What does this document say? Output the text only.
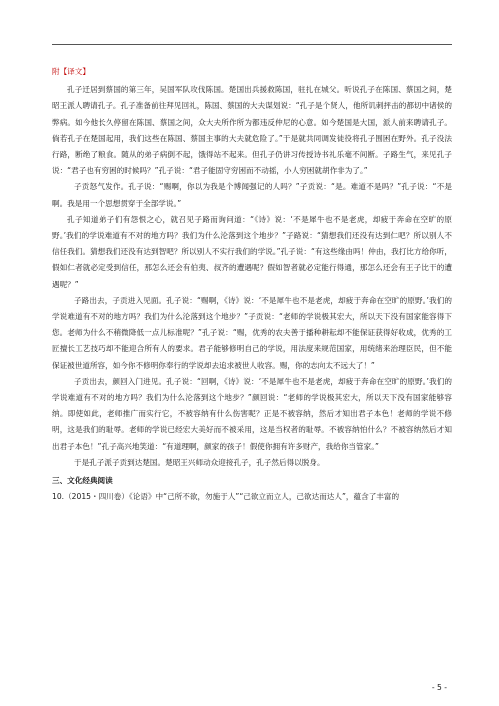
附【译文】

孔子迁居到蔡国的第三年，吴国军队攻伐陈国。楚国出兵援救陈国，驻扎在城父。听说孔子在陈国、蔡国之间，楚昭王派人聘请孔子。孔子准备前往拜见回礼，陈国、蔡国的大夫谋划说：“孔子是个贤人，他所讥刺抨击的都切中诸侯的弊病。如今他长久停留在陈国、蔡国之间，众大夫所作所为都违反仲尼的心意。如今楚国是大国，派人前来聘请孔子。倘若孔子在楚国起用，我们这些在陈国、蔡国主事的大夫就危险了。”于是就共同调发徒役将孔子围困在野外。孔子没法行路，断绝了粮食。随从的弟子病倒不起，饿得站不起来。但孔子仍讲习传授诗书礼乐毫不间断。子路生气，来见孔子说：“君子也有穷困的时候吗？”孔子说：“君子能固守穷困而不动摇，小人穷困就胡作非为了。”

子贡怒气发作。孔子说：“赐啊，你以为我是个博闻强记的人吗？”子贡说：“是。难道不是吗？”孔子说：“不是啊。我是用一个思想贯穿于全部学说。”

孔子知道弟子们有怨恨之心，就召见子路而询问道：“《诗》说：‘不是犀牛也不是老虎，却疲于奔命在空旷的原野。’我们的学说难道有不对的地方吗？我们为什么沦落到这个地步？”子路说：“猜想我们还没有达到仁吧？所以别人不信任我们。猜想我们还没有达到智吧？所以别人不实行我们的学说。”孔子说：“有这些缘由吗！仲由，我打比方给你听，假如仁者就必定受到信任，那怎么还会有伯夷、叔齐的遭遇呢？假如智者就必定能行得通，那怎么还会有王子比干的遭遇呢？”

子路出去，子贡进入见面。孔子说：“赐啊，《诗》说：‘不是犀牛也不是老虎，却疲于奔命在空旷的原野。’我们的学说难道有不对的地方吗？我们为什么沦落到这个地步？”子贡说：“老师的学说极其宏大，所以天下没有国家能容得下您。老师为什么不稍微降低一点儿标准呢？”孔子说：“赐，优秀的农夫善于播种耕耘却不能保证获得好收成，优秀的工匠擅长工艺技巧却不能迎合所有人的要求。君子能够修明自己的学说，用法度来规范国家，用统绪来治理臣民，但不能保证被世道所容，如今你不修明你奉行的学说却去追求被世人收容。赐，你的志向太不远大了！”

子贡出去，颜回入门进见。孔子说：“回啊，《诗》说：‘不是犀牛也不是老虎，却疲于奔命在空旷的原野。’我们的学说难道有不对的地方吗？我们为什么沦落到这个地步？”颜回说：“老师的学说极其宏大，所以天下没有国家能够容纳。即使如此，老师推广而实行它，不被容纳有什么伤害呢？正是不被容纳，然后才知出君子本色！老师的学说不修明，这是我们的耻辱。老师的学说已经宏大美好而不被采用，这是当权者的耻辱。不被容纳怕什么？不被容纳然后才知出君子本色！”孔子高兴地笑道：“有道理啊，颜家的孩子！假使你拥有许多财产，我给你当管家。”

于是孔子派子贡到达楚国。楚昭王兴师动众迎接孔子，孔子然后得以脱身。

三、文化经典阅读

10.（2015・四川卷）《论语》中“己所不欲，勿施于人”“己欲立而立人，己欲达而达人”，蕴含了丰富的

- 5 -
